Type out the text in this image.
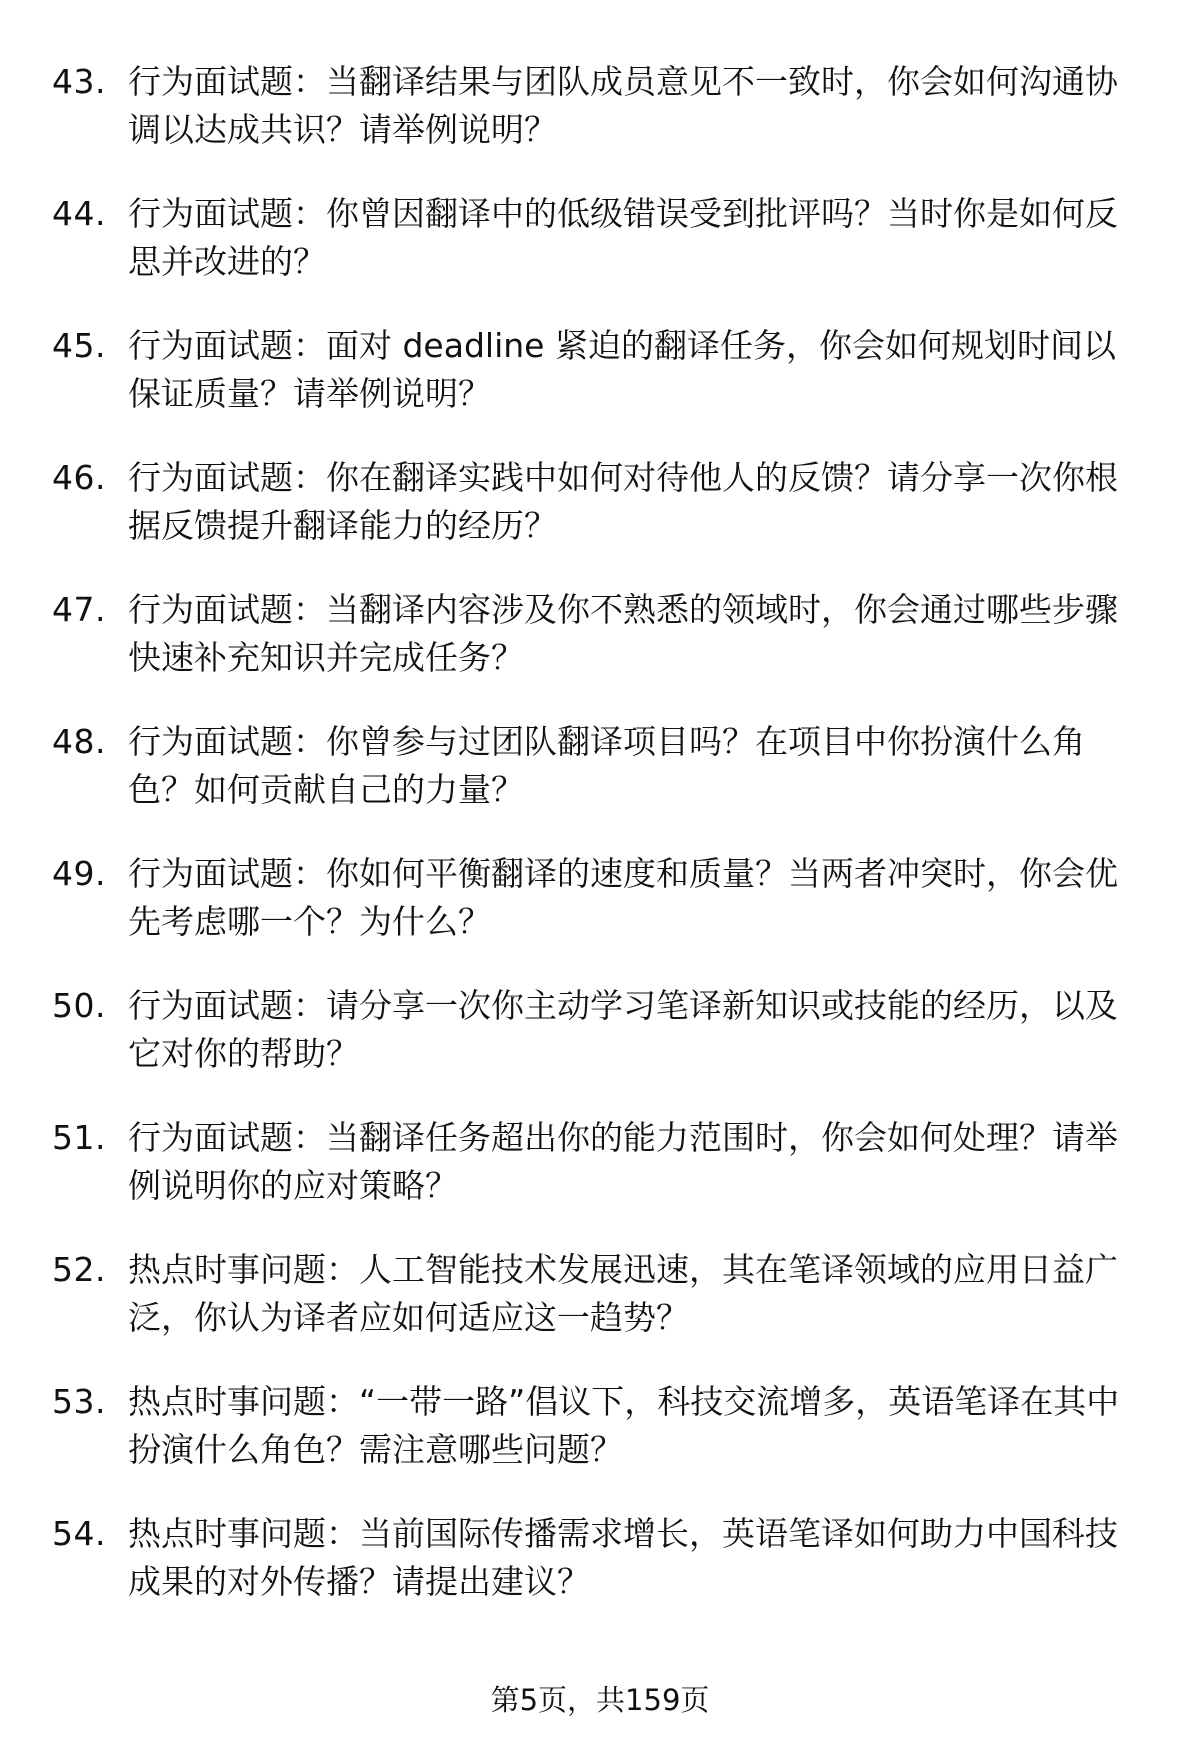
43. 行为面试题：当翻译结果与团队成员意见不一致时，你会如何沟通协调以达成共识？请举例说明？
44. 行为面试题：你曾因翻译中的低级错误受到批评吗？当时你是如何反思并改进的？
45. 行为面试题：面对 deadline 紧迫的翻译任务，你会如何规划时间以保证质量？请举例说明？
46. 行为面试题：你在翻译实践中如何对待他人的反馈？请分享一次你根据反馈提升翻译能力的经历？
47. 行为面试题：当翻译内容涉及你不熟悉的领域时，你会通过哪些步骤快速补充知识并完成任务？
48. 行为面试题：你曾参与过团队翻译项目吗？在项目中你扮演什么角色？如何贡献自己的力量？
49. 行为面试题：你如何平衡翻译的速度和质量？当两者冲突时，你会优先考虑哪一个？为什么？
50. 行为面试题：请分享一次你主动学习笔译新知识或技能的经历，以及它对你的帮助？
51. 行为面试题：当翻译任务超出你的能力范围时，你会如何处理？请举例说明你的应对策略？
52. 热点时事问题：人工智能技术发展迅速，其在笔译领域的应用日益广泛，你认为译者应如何适应这一趋势？
53. 热点时事问题：“一带一路”倡议下，科技交流增多，英语笔译在其中扮演什么角色？需注意哪些问题？
54. 热点时事问题：当前国际传播需求增长，英语笔译如何助力中国科技成果的对外传播？请提出建议？
第5页，共159页
